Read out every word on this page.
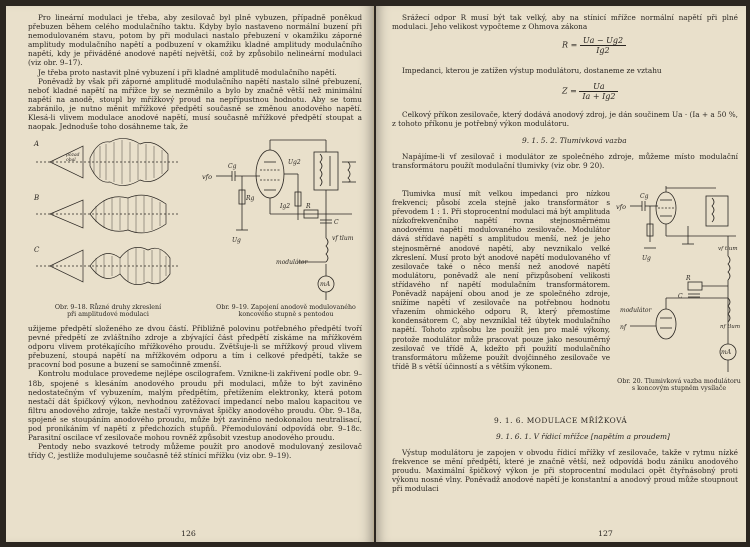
Pro lineární modulaci je třeba, aby zesilovač byl plně vybuzen, případně poněkud přebuzen během celého modulačního taktu. Kdyby bylo nastaveno normální buzení při nemodulovaném stavu, potom by při modulaci nastalo přebuzení v okamžiku záporné amplitudy modulačního napětí a podbuzení v okamžiku kladné amplitudy modulačního napětí, kdy je přiváděné anodové napětí největší, což by způsobilo nelineární modulaci (viz obr. 9–17).

Je třeba proto nastavit plné vybuzení i při kladné amplitudě modulačního napětí.

Poněvadž by však při záporné amplitudě modulačního napětí nastalo silné přebuzení, neboť kladné napětí na mřížce by se nezměnilo a bylo by značně větší než minimální napětí na anodě, stoupl by mřížkový proud na nepřípustnou hodnotu. Aby se tomu zabránilo, je nutno měnit mřížkové předpětí současně se změnou anodového napětí. Klesá-li vlivem modulace anodové napětí, musí současně mřížkové předpětí stoupat a naopak. Jednoduše toho dosáhneme tak, že

A
B
C
pozad
obal
Obr. 9–18. Různé druhy zkreslení
při amplitudové modulaci
vfo
Cg
Ug2
Rg
Ig2	R
C
Ug	vf tlum
modulátor
mA
Obr. 9–19. Zapojení anodově modulovaného
koncového stupně s pentodou

užijeme předpětí složeného ze dvou částí. Přibližně polovinu potřebného předpětí tvoří pevné předpětí ze zvláštního zdroje a zbývající část předpětí získáme na mřížkovém odporu vlivem protékajícího mřížkového proudu. Zvětšuje-li se mřížkový proud vlivem přebuzení, stoupá napětí na mřížkovém odporu a tím i celkové předpětí, takže se pracovní bod posune a buzení se samočinně zmenší.

Kontrolu modulace provedeme nejlépe oscilografem. Vznikne-li zakřivení podle obr. 9–18b, spojené s klesáním anodového proudu při modulaci, může to být zaviněno nedostatečným vf vybuzením, malým předpětím, přetížením elektronky, která potom nestačí dát špičkový výkon, nevhodnou zatěžovací impedancí nebo malou kapacitou ve filtru anodového zdroje, takže nestačí vyrovnávat špičky anodového proudu. Obr. 9–18a, spojené se stoupáním anodového proudu, může být zaviněno nedokonalou neutralisací, pod pronikáním vf napětí z předchozích stupňů. Přemodulování odpovídá obr. 9–18c. Parasitní oscilace vf zesilovače mohou rovněž způsobit vzestup anodového proudu.

Pentody nebo svazkové tetrody můžeme použít pro anodově modulovaný zesilovač třídy C, jestliže modulujeme současně též stínicí mřížku (viz obr. 9–19).

126

Srážecí odpor R musí být tak velký, aby na stínicí mřížce normální napětí při plné modulaci. Jeho velikost vypočteme z Ohmova zákona

$R = \frac{Ua - Ug2}{Ig2}$

Impedanci, kterou je zatížen výstup modulátoru, dostaneme ze vztahu

$Z = \frac{Ua}{Ia + Ig2}$

Celkový příkon zesilovače, který dodává anodový zdroj, je dán součinem Ua · (Ia + a 50 %, z tohoto příkonu je potřebný výkon modulátoru.

9. 1. 5. 2. Tlumivková vazba

Napájíme-li vf zesilovač i modulátor ze společného zdroje, můžeme místo modulační transformátoru použít modulační tlumivky (viz obr. 9 20).

Tlumivka musí mít velkou impedanci pro nízkou frekvenci; působí zcela stejně jako transformátor s převodem 1 : 1. Při stoprocentní modulaci má být amplituda nízkofrekvenčního napětí rovna stejnosměrnému anodovému napětí modulovaného zesilovače. Modulátor dává střídavé napětí s amplitudou menší, než je jeho stejnosměrné anodové napětí, aby nevznikalo velké zkreslení. Musí proto být anodové napětí modulovaného vf zesilovače také o něco menší než anodové napětí modulátoru, poněvadž ale není přizpůsobení velikosti střídavého nf napětí modulačním transformátorem. Poněvadž napájení obou anod je ze společného zdroje, snížíme napětí vf zesilovače na potřebnou hodnotu vřazením ohmického odporu R, který přemostíme kondensátorem C, aby nevzniklal též úbytek modulačního napětí. Tohoto způsobu lze použít jen pro malé výkony, protože modulátor může pracovat pouze jako nesouměrný zesilovač ve třídě A, kdežto při použití modulačního transformátoru můžeme použít dvojčinného zesilovače ve třídě B s větší účinností a s větším výkonem.

vfo
Cg
Ug
R
C
vf tlum
nf tlum
modulátor
nf
mA
Obr. 20. Tlumivková vazba modulátoru
s koncovým stupněm vysílače
9. 1. 6. MODULACE MŘÍŽKOVÁ
9. 1. 6. 1. V řídicí mřížce [napětím a proudem]

Výstup modulátoru je zapojen v obvodu řídicí mřížky vf zesilovače, takže v rytmu nízké frekvence se mění předpětí, které je značně větší, než odpovídá bodu zániku anodového proudu. Maximální špičkový výkon je při stoprocentní modulaci opět čtyřnásobný proti výkonu nosné vlny. Poněvadž anodové napětí je konstantní a anodový proud může stoupnout při modulaci

127
